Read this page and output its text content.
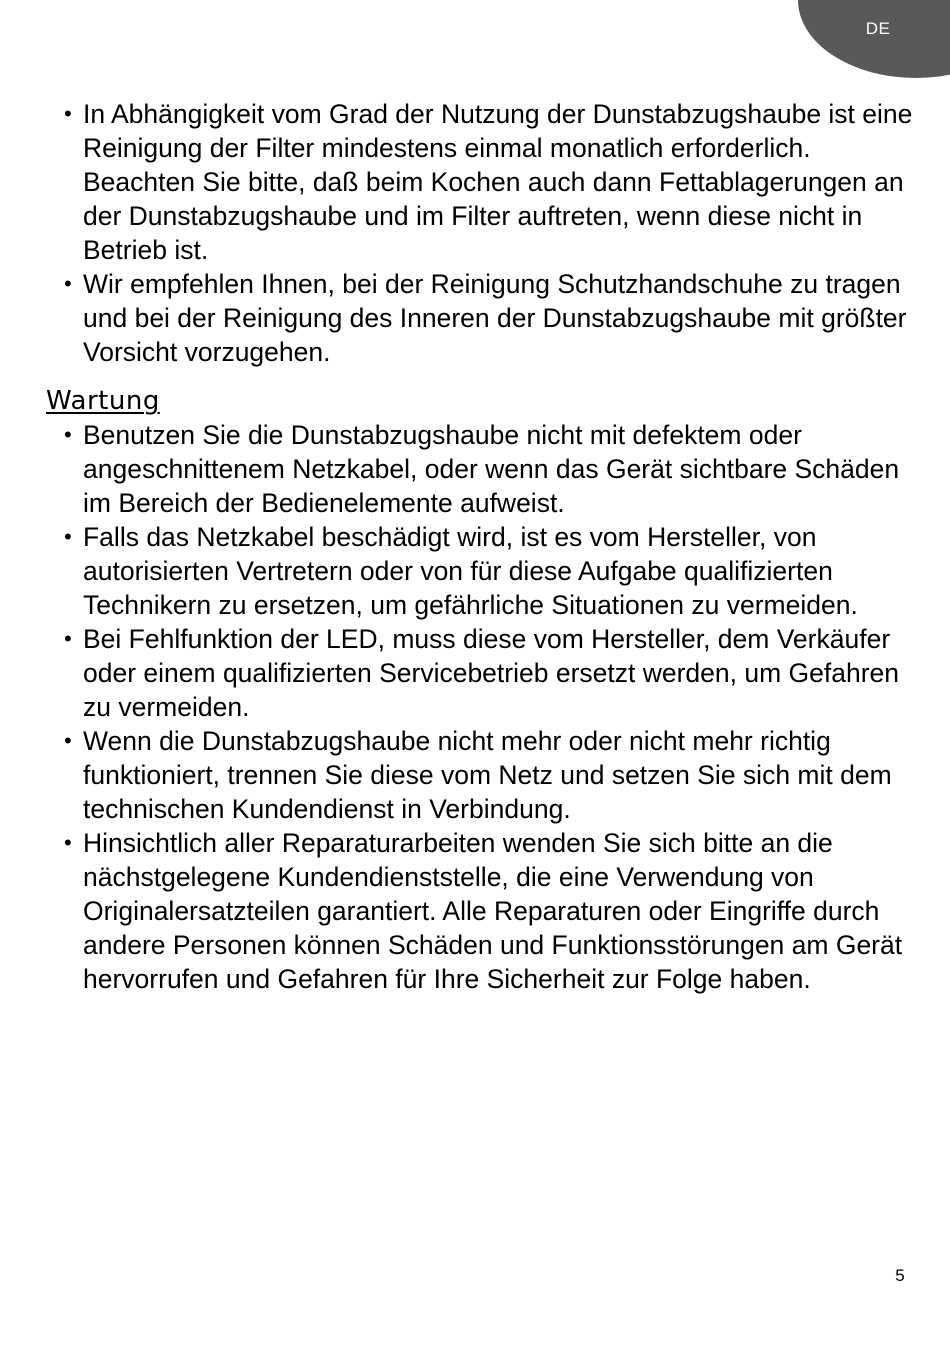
DE
• In Abhängigkeit vom Grad der Nutzung der Dunstabzugshaube ist eine Reinigung der Filter mindestens einmal monatlich erforderlich. Beachten Sie bitte, daß beim Kochen auch dann Fettablagerungen an der Dunstabzugshaube und im Filter auftreten, wenn diese nicht in Betrieb ist.
• Wir empfehlen Ihnen, bei der Reinigung Schutzhandschuhe zu tragen und bei der Reinigung des Inneren der Dunstabzugshaube mit größter Vorsicht vorzugehen.
Wartung
• Benutzen Sie die Dunstabzugshaube nicht mit defektem oder angeschnittenem Netzkabel, oder wenn das Gerät sichtbare Schäden im Bereich der Bedienelemente aufweist.
• Falls das Netzkabel beschädigt wird, ist es vom Hersteller, von autorisierten Vertretern oder von für diese Aufgabe qualifizierten Technikern zu ersetzen, um gefährliche Situationen zu vermeiden.
• Bei Fehlfunktion der LED, muss diese vom Hersteller, dem Verkäufer oder einem qualifizierten Servicebetrieb ersetzt werden, um Gefahren zu vermeiden.
• Wenn die Dunstabzugshaube nicht mehr oder nicht mehr richtig funktioniert, trennen Sie diese vom Netz und setzen Sie sich mit dem technischen Kundendienst in Verbindung.
• Hinsichtlich aller Reparaturarbeiten wenden Sie sich bitte an die nächstgelegene Kundendienststelle, die eine Verwendung von Originalersatzteilen garantiert. Alle Reparaturen oder Eingriffe durch andere Personen können Schäden und Funktionsstörungen am Gerät hervorrufen und Gefahren für Ihre Sicherheit zur Folge haben.
5
